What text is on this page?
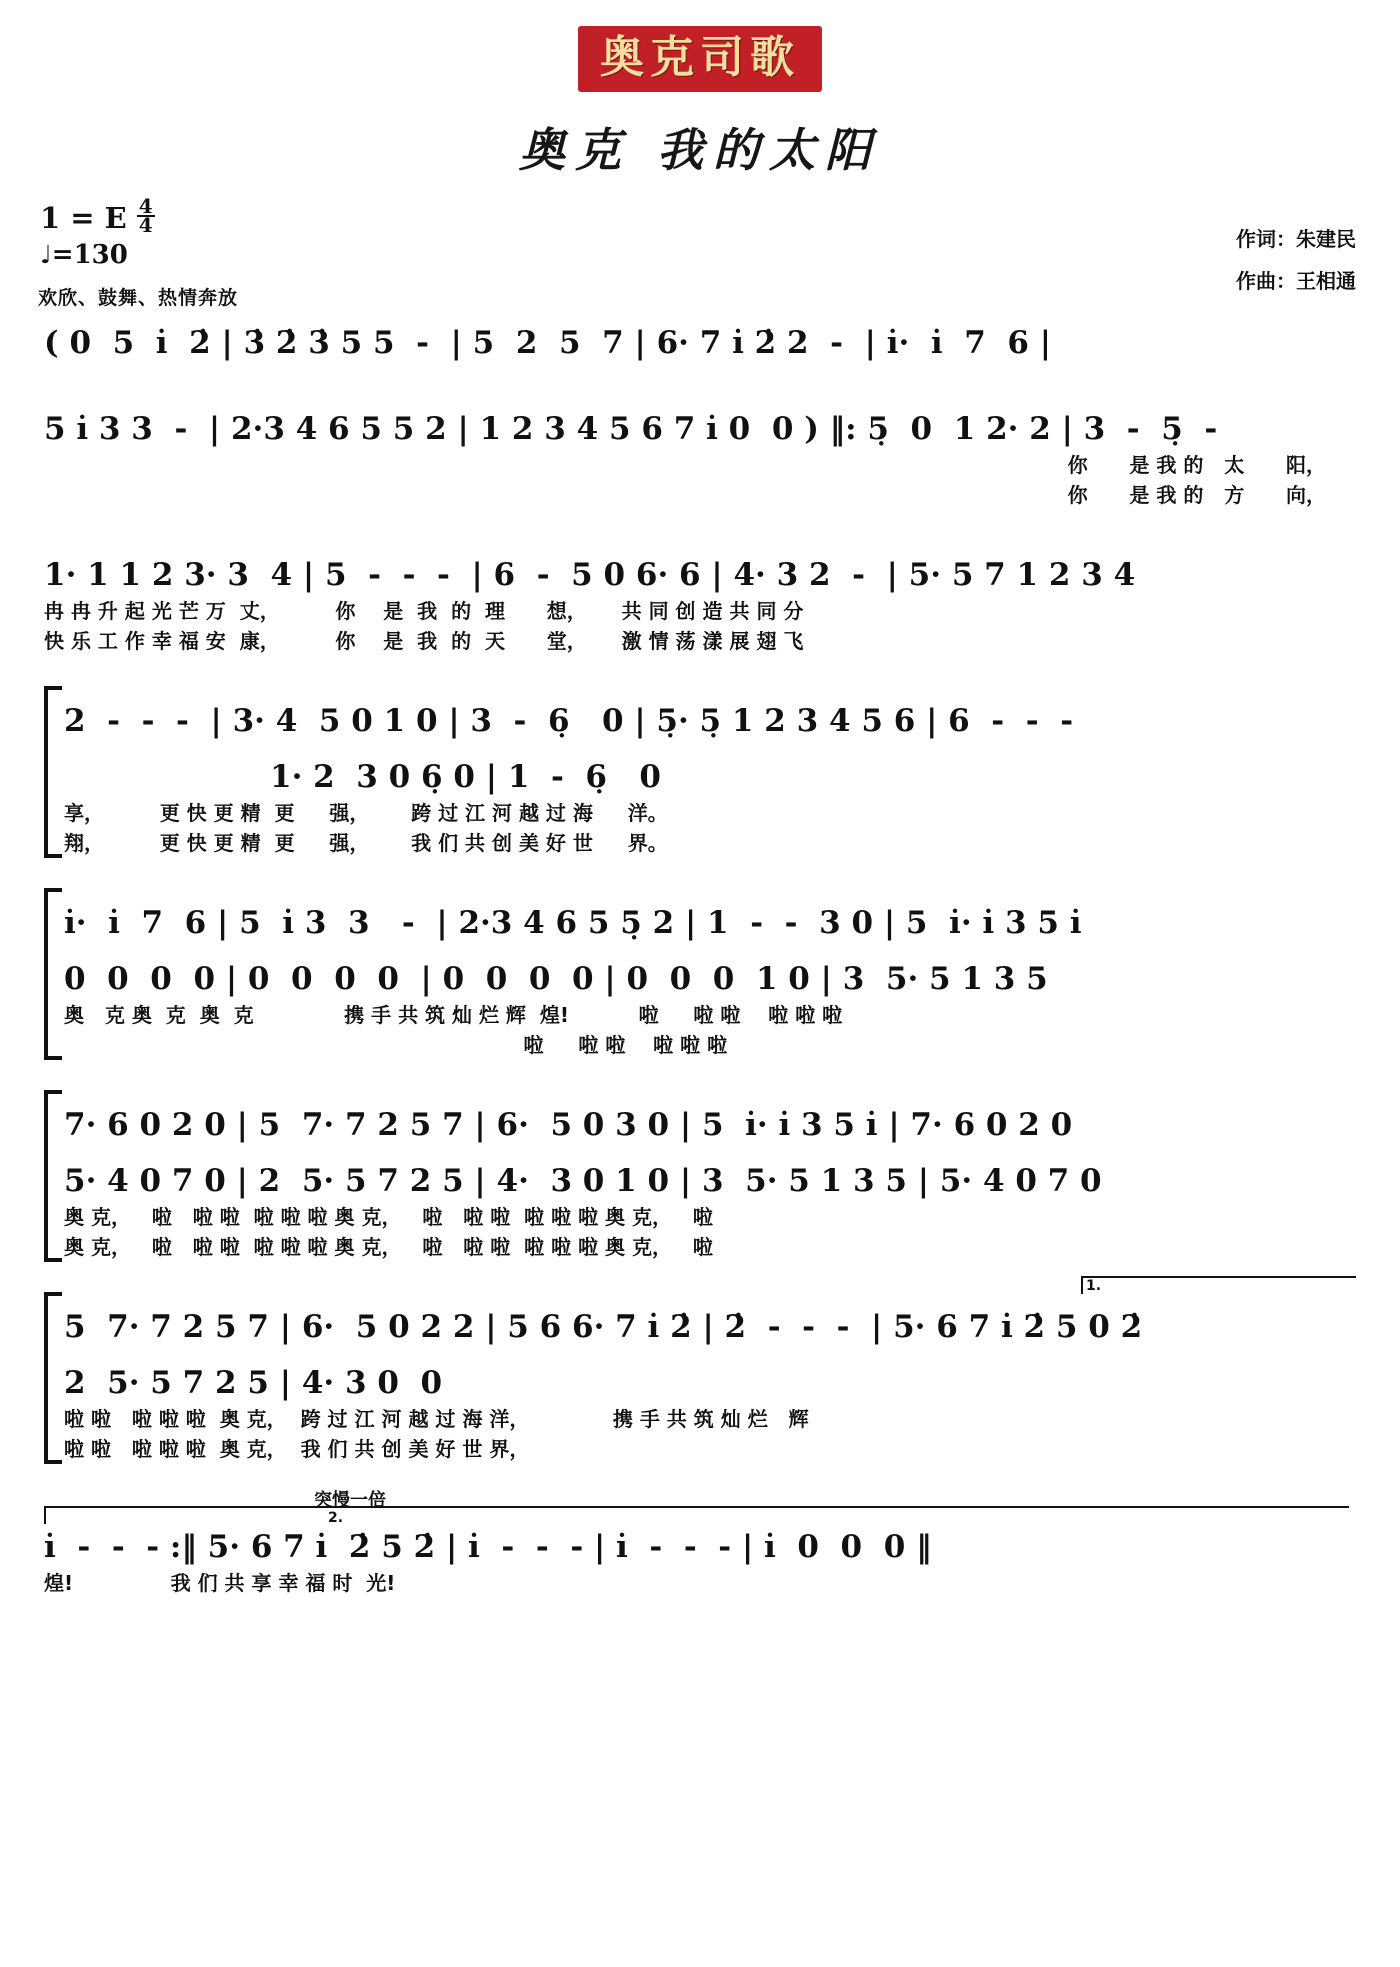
奥克司歌
奥克 我的太阳
1 = E $\frac{4}{4}$
♩=130
欢欣、鼓舞、热情奔放
作词：朱建民
作曲：王相通
( 0  5  i̇  2̇ | 3̇ 2̇ 3̇ 5 5  -  | 5  2  5  7 | 6· 7 i̇ 2̇ 2  -  | i̇·  i̇  7  6 |
5 i̇ 3 3  -  | 2·3 4 6 5 5 2 | 1 2 3 4 5 6 7 i̇ 0  0 ) ‖: 5̣  0  1 2· 2 | 3  -  5̣  -
你      是 我 的   太      阳，
你      是 我 的   方      向，
1· 1 1 2 3· 3  4 | 5  -  -  -  | 6  -  5 0 6· 6 | 4· 3 2  -  | 5· 5 7 1 2 3 4
冉 冉 升 起 光 芒 万  丈，        你    是  我  的  理      想，     共 同 创 造 共 同 分
快 乐 工 作 幸 福 安  康，        你    是  我  的  天      堂，     激 情 荡 漾 展 翅 飞
2  -  -  -  | 3· 4  5 0 1 0 | 3  -  6̣   0 | 5̣· 5̣ 1 2 3 4 5 6 | 6  -  -  -
1· 2  3 0 6̣ 0 | 1  -  6̣   0
享，        更 快 更 精  更     强，      跨 过 江 河 越 过 海     洋。
翔，        更 快 更 精  更     强，      我 们 共 创 美 好 世     界。
i̇·  i̇  7  6 | 5  i̇ 3  3   -  | 2·3 4 6 5 5̣ 2 | 1  -  -  3 0 | 5  i̇· i̇ 3 5 i̇
0  0  0  0 | 0  0  0  0  | 0  0  0  0 | 0  0  0  1 0 | 3  5· 5 1 3 5
奥   克 奥  克  奥  克             携 手 共 筑 灿 烂 辉  煌!          啦     啦 啦    啦 啦 啦
啦     啦 啦    啦 啦 啦
7· 6 0 2 0 | 5  7· 7 2 5 7 | 6·  5 0 3 0 | 5  i̇· i̇ 3 5 i̇ | 7· 6 0 2 0
5· 4 0 7 0 | 2  5· 5 7 2 5 | 4·  3 0 1 0 | 3  5· 5 1 3 5 | 5· 4 0 7 0
奥 克，   啦   啦 啦  啦 啦 啦 奥 克，   啦   啦 啦  啦 啦 啦 奥 克，   啦
奥 克，   啦   啦 啦  啦 啦 啦 奥 克，   啦   啦 啦  啦 啦 啦 奥 克，   啦
1.
5  7· 7 2 5 7 | 6·  5 0 2 2 | 5 6 6· 7 i̇ 2̇ | 2̇  -  -  -  | 5· 6 7 i̇ 2̇ 5 0 2̇
2  5· 5 7 2 5 | 4· 3 0  0
啦 啦   啦 啦 啦  奥 克，  跨 过 江 河 越 过 海 洋，            携 手 共 筑 灿 烂   辉
啦 啦   啦 啦 啦  奥 克，  我 们 共 创 美 好 世 界，
突慢一倍
2.
i̇  -  -  - :‖ 5· 6 7 i̇  2̇ 5 2̇ | i̇  -  -  - | i̇  -  -  - | i̇  0  0  0 ‖
煌!              我 们 共 享 幸 福 时  光!
